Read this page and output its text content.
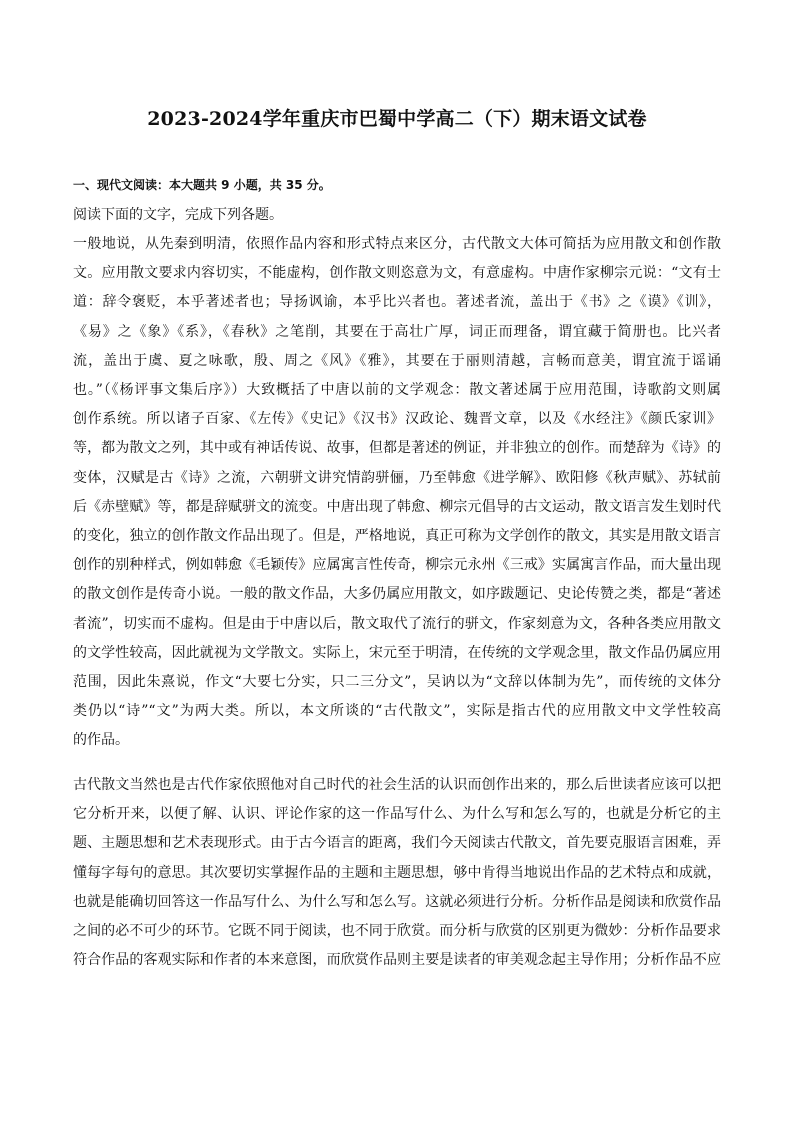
2023-2024学年重庆市巴蜀中学高二（下）期末语文试卷
一、现代文阅读：本大题共 9 小题，共 35 分。
阅读下面的文字，完成下列各题。
一般地说，从先秦到明清，依照作品内容和形式特点来区分，古代散文大体可简括为应用散文和创作散
文。应用散文要求内容切实，不能虚构，创作散文则恣意为文，有意虚构。中唐作家柳宗元说：“文有士
道：辞令褒贬，本乎著述者也；导扬讽谕，本乎比兴者也。著述者流，盖出于《书》之《谟》《训》，
《易》之《象》《系》，《春秋》之笔削，其要在于高壮广厚，词正而理备，谓宜藏于简册也。比兴者
流，盖出于虞、夏之咏歌，殷、周之《风》《雅》，其要在于丽则清越，言畅而意美，谓宜流于谣诵
也。”（《杨评事文集后序》）大致概括了中唐以前的文学观念：散文著述属于应用范围，诗歌韵文则属
创作系统。所以诸子百家、《左传》《史记》《汉书》汉政论、魏晋文章，以及《水经注》《颜氏家训》
等，都为散文之列，其中或有神话传说、故事，但都是著述的例证，并非独立的创作。而楚辞为《诗》的
变体，汉赋是古《诗》之流，六朝骈文讲究情韵骈俪，乃至韩愈《进学解》、欧阳修《秋声赋》、苏轼前
后《赤壁赋》等，都是辞赋骈文的流变。中唐出现了韩愈、柳宗元倡导的古文运动，散文语言发生划时代
的变化，独立的创作散文作品出现了。但是，严格地说，真正可称为文学创作的散文，其实是用散文语言
创作的别种样式，例如韩愈《毛颖传》应属寓言性传奇，柳宗元永州《三戒》实属寓言作品，而大量出现
的散文创作是传奇小说。一般的散文作品，大多仍属应用散文，如序跋题记、史论传赞之类，都是“著述
者流”，切实而不虚构。但是由于中唐以后，散文取代了流行的骈文，作家刻意为文，各种各类应用散文
的文学性较高，因此就视为文学散文。实际上，宋元至于明清，在传统的文学观念里，散文作品仍属应用
范围，因此朱熹说，作文“大要七分实，只二三分文”，吴讷以为“文辞以体制为先”，而传统的文体分
类仍以“诗”“文”为两大类。所以，本文所谈的“古代散文”，实际是指古代的应用散文中文学性较高
的作品。
古代散文当然也是古代作家依照他对自己时代的社会生活的认识而创作出来的，那么后世读者应该可以把
它分析开来，以便了解、认识、评论作家的这一作品写什么、为什么写和怎么写的，也就是分析它的主
题、主题思想和艺术表现形式。由于古今语言的距离，我们今天阅读古代散文，首先要克服语言困难，弄
懂每字每句的意思。其次要切实掌握作品的主题和主题思想，够中肯得当地说出作品的艺术特点和成就，
也就是能确切回答这一作品写什么、为什么写和怎么写。这就必须进行分析。分析作品是阅读和欣赏作品
之间的必不可少的环节。它既不同于阅读，也不同于欣赏。而分析与欣赏的区别更为微妙：分析作品要求
符合作品的客观实际和作者的本来意图，而欣赏作品则主要是读者的审美观念起主导作用；分析作品不应
